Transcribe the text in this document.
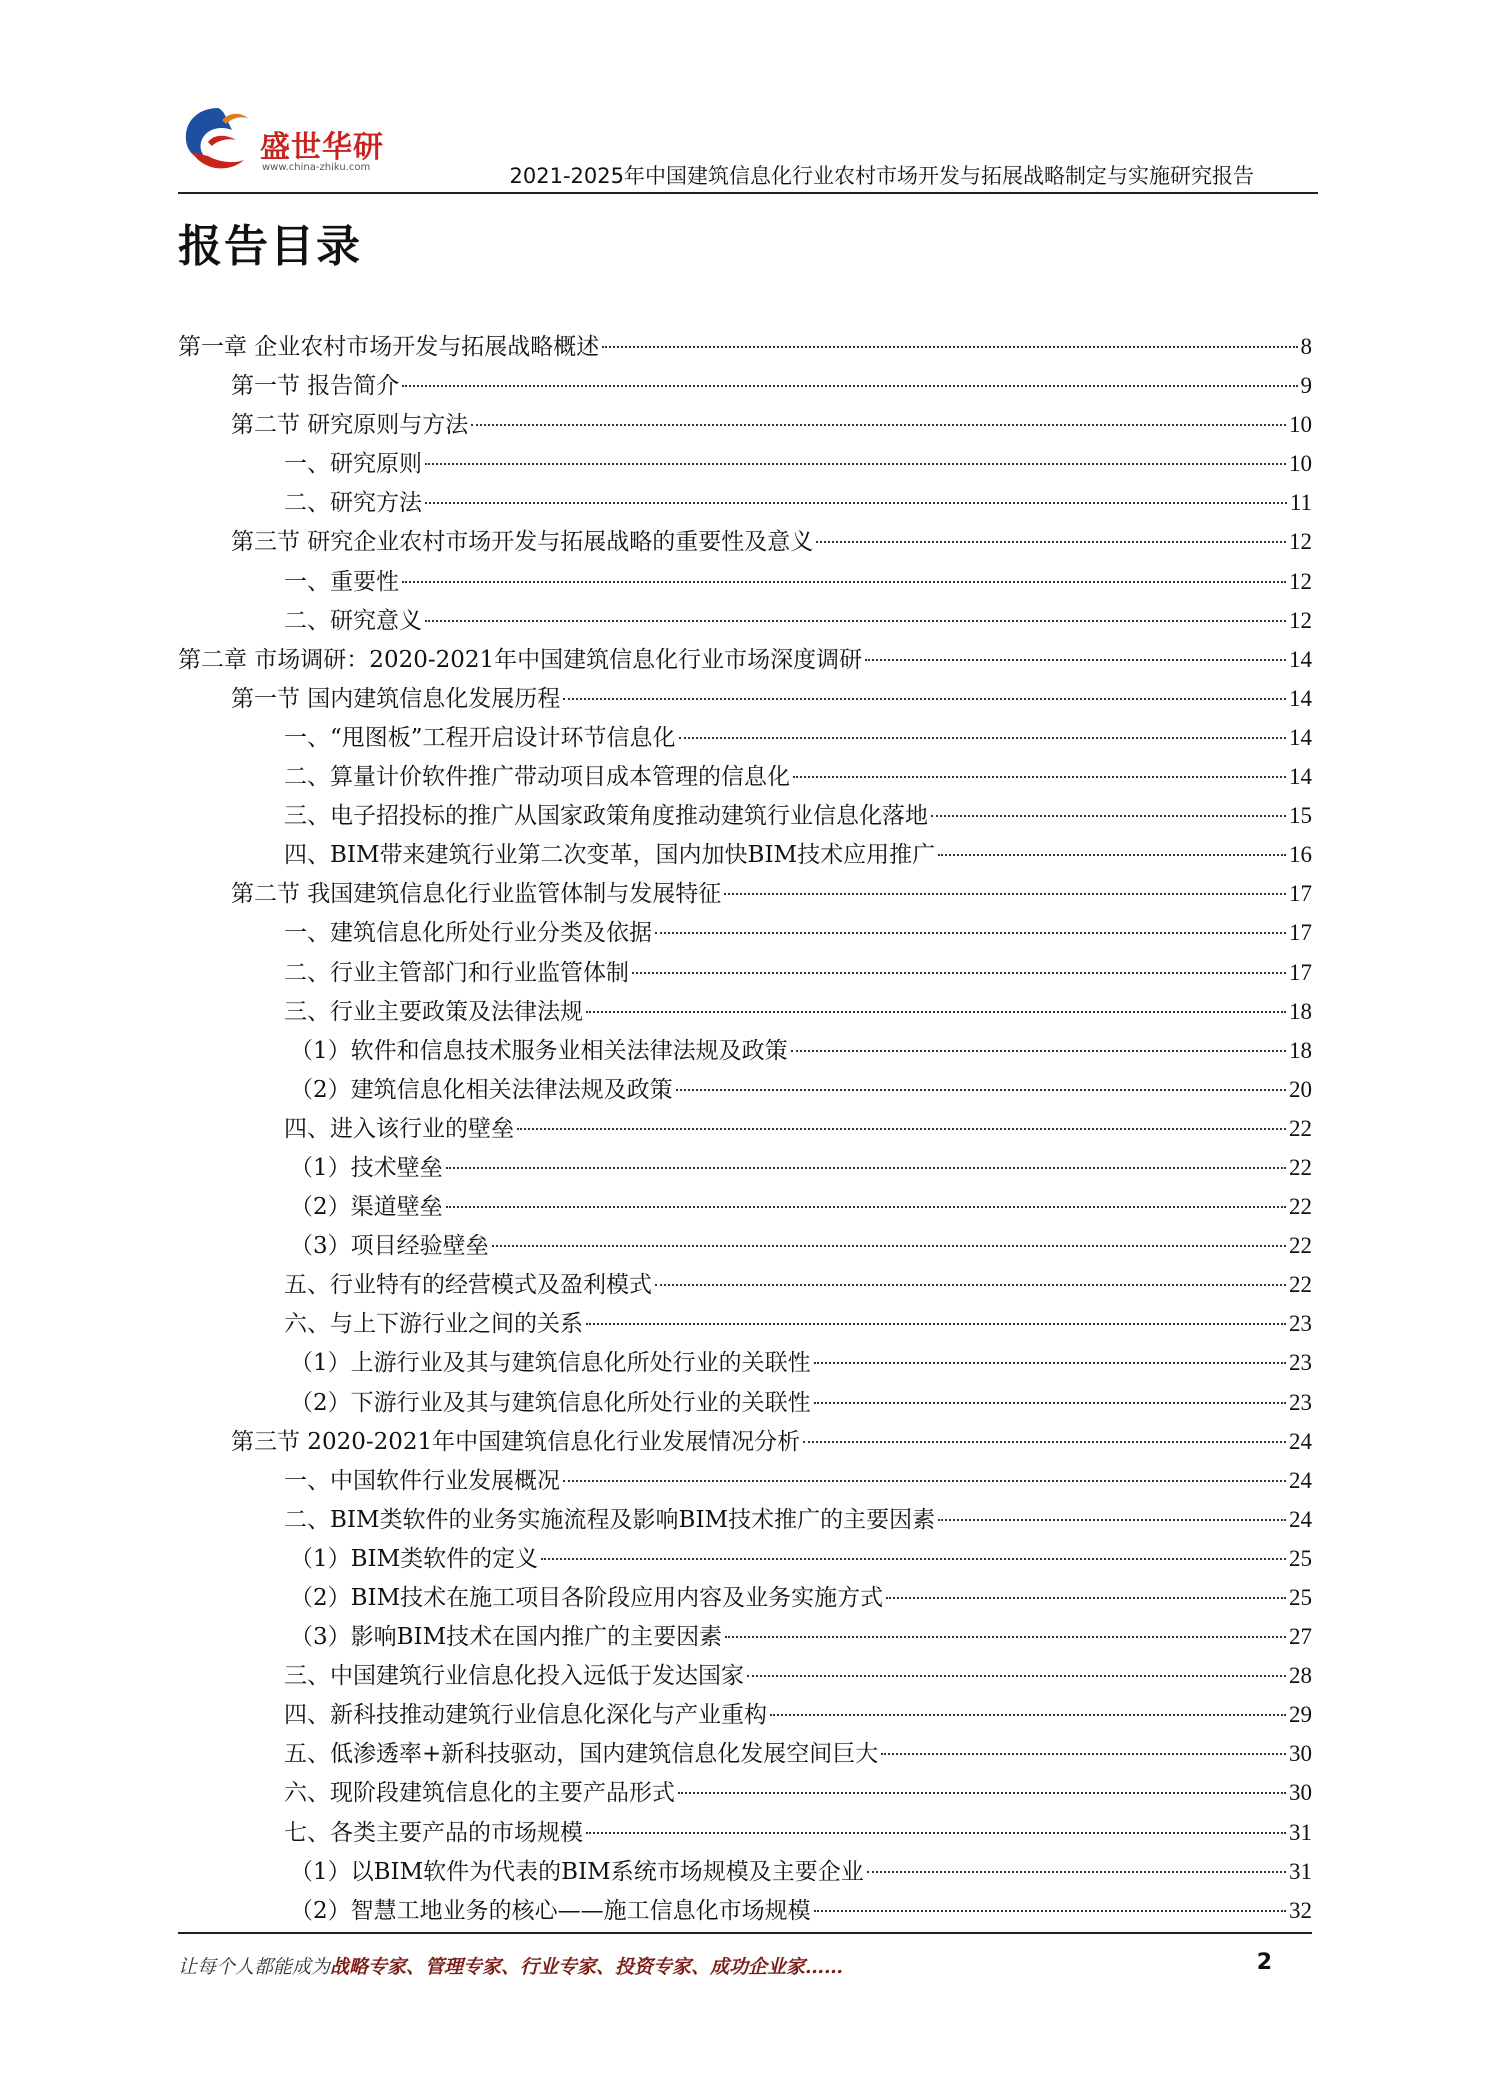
盛世华研
www.china-zhiku.com	2021-2025年中国建筑信息化行业农村市场开发与拓展战略制定与实施研究报告
报告目录
第一章 企业农村市场开发与拓展战略概述	8
第一节 报告简介	9
第二节 研究原则与方法	10
一、研究原则	10
二、研究方法	11
第三节 研究企业农村市场开发与拓展战略的重要性及意义	12
一、重要性	12
二、研究意义	12
第二章 市场调研：2020-2021年中国建筑信息化行业市场深度调研	14
第一节 国内建筑信息化发展历程	14
一、“甩图板”工程开启设计环节信息化	14
二、算量计价软件推广带动项目成本管理的信息化	14
三、电子招投标的推广从国家政策角度推动建筑行业信息化落地	15
四、BIM带来建筑行业第二次变革，国内加快BIM技术应用推广	16
第二节 我国建筑信息化行业监管体制与发展特征	17
一、建筑信息化所处行业分类及依据	17
二、行业主管部门和行业监管体制	17
三、行业主要政策及法律法规	18
（1）软件和信息技术服务业相关法律法规及政策	18
（2）建筑信息化相关法律法规及政策	20
四、进入该行业的壁垒	22
（1）技术壁垒	22
（2）渠道壁垒	22
（3）项目经验壁垒	22
五、行业特有的经营模式及盈利模式	22
六、与上下游行业之间的关系	23
（1）上游行业及其与建筑信息化所处行业的关联性	23
（2）下游行业及其与建筑信息化所处行业的关联性	23
第三节 2020-2021年中国建筑信息化行业发展情况分析	24
一、中国软件行业发展概况	24
二、BIM类软件的业务实施流程及影响BIM技术推广的主要因素	24
（1）BIM类软件的定义	25
（2）BIM技术在施工项目各阶段应用内容及业务实施方式	25
（3）影响BIM技术在国内推广的主要因素	27
三、中国建筑行业信息化投入远低于发达国家	28
四、新科技推动建筑行业信息化深化与产业重构	29
五、低渗透率+新科技驱动，国内建筑信息化发展空间巨大	30
六、现阶段建筑信息化的主要产品形式	30
七、各类主要产品的市场规模	31
（1）以BIM软件为代表的BIM系统市场规模及主要企业	31
（2）智慧工地业务的核心——施工信息化市场规模	32
让每个人都能成为战略专家、管理专家、行业专家、投资专家、成功企业家……	2
